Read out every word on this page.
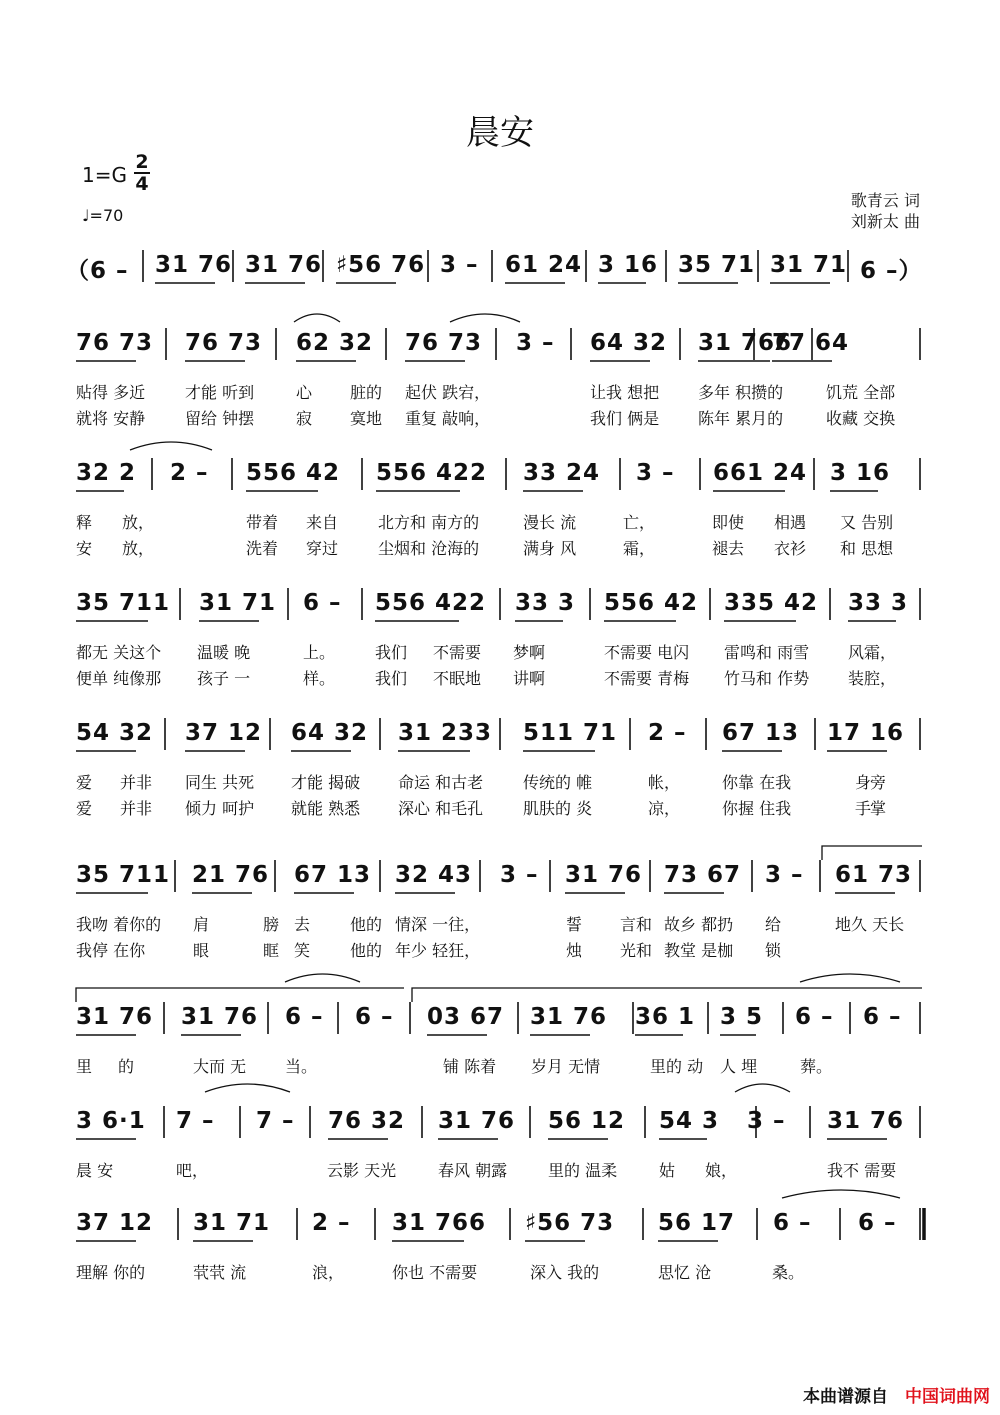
晨安
1=G
2
4
♩=70
歌青云 词
刘新太 曲
（6 – 31 76 31 76 ♯56 76 3 – 61 24 3 16 35 71 31 71 6 –）
76 73 76 73 62 32 76 73 3 – 64 32 31 766
77 64
贴得 多近 才能 听到	心 脏的 起伏 跌宕，	让我 想把 多年 积攒的	饥荒 全部
就将 安静 留给 钟摆	寂 寞地 重复 敲响，	我们 俩是 陈年 累月的	收藏 交换
32 2 2 – 556 42 556 422 33 24 3 – 661 24 3 16
释 放，	带着 来自 北方和 南方的	漫长 流	亡，	即使 相遇 又 告别
安 放，	洗着 穿过 尘烟和 沧海的	满身 风	霜，	褪去 衣衫 和 思想
35 711 31 71 6 – 556 422 33 3 556 42 335 42 33 3
都无 关这个 温暖 晚	上。 我们 不需要 梦啊	不需要 电闪 雷鸣和 雨雪 风霜，
便单 纯像那 孩子 一	样。 我们 不眠地 讲啊	不需要 青梅 竹马和 作势 装腔，
54 32 37 12 64 32 31 233 511 71 2 – 67 13 17 16
爱 并非 同生 共死 才能 揭破 命运 和古老 传统的 帷	帐，	你靠 在我	身
旁
爱 并非 倾力 呵护 就能 熟悉 深心 和毛孔 肌肤的 炎	凉，	你握 住我	手
掌
35 711 21 76 67 13 32 43 3 – 31 76 73 67 3 – 61 73
我吻 着你的 肩	膀 去 他的 情深 一往，	誓 言和 故乡 都扔 给	地久 天长
我停 在你	眼	眶 笑 他的 年少 轻狂，	烛 光和 教堂 是枷 锁
31 76 31 76 6 – 6 – 03 67 31 76 36 1 3 5 6 – 6 –
里 的	大而 无 当。	铺 陈着 岁月 无情	里的 动 人 埋	葬。
3 6·1 7 – 7 – 76 32 31 76 56 12 54 3 3 – 31 76
晨 安	吧，	云影 天光	春风 朝露	里的 温柔	姑 娘，	我不 需要
37 12 31 71 2 – 31 766 ♯56 73 56 17 6 – 6 –
理解 你的	茕茕 流	浪，	你也 不需要	深入 我的	思忆 沧	桑。
本曲谱源自 中国词曲网
